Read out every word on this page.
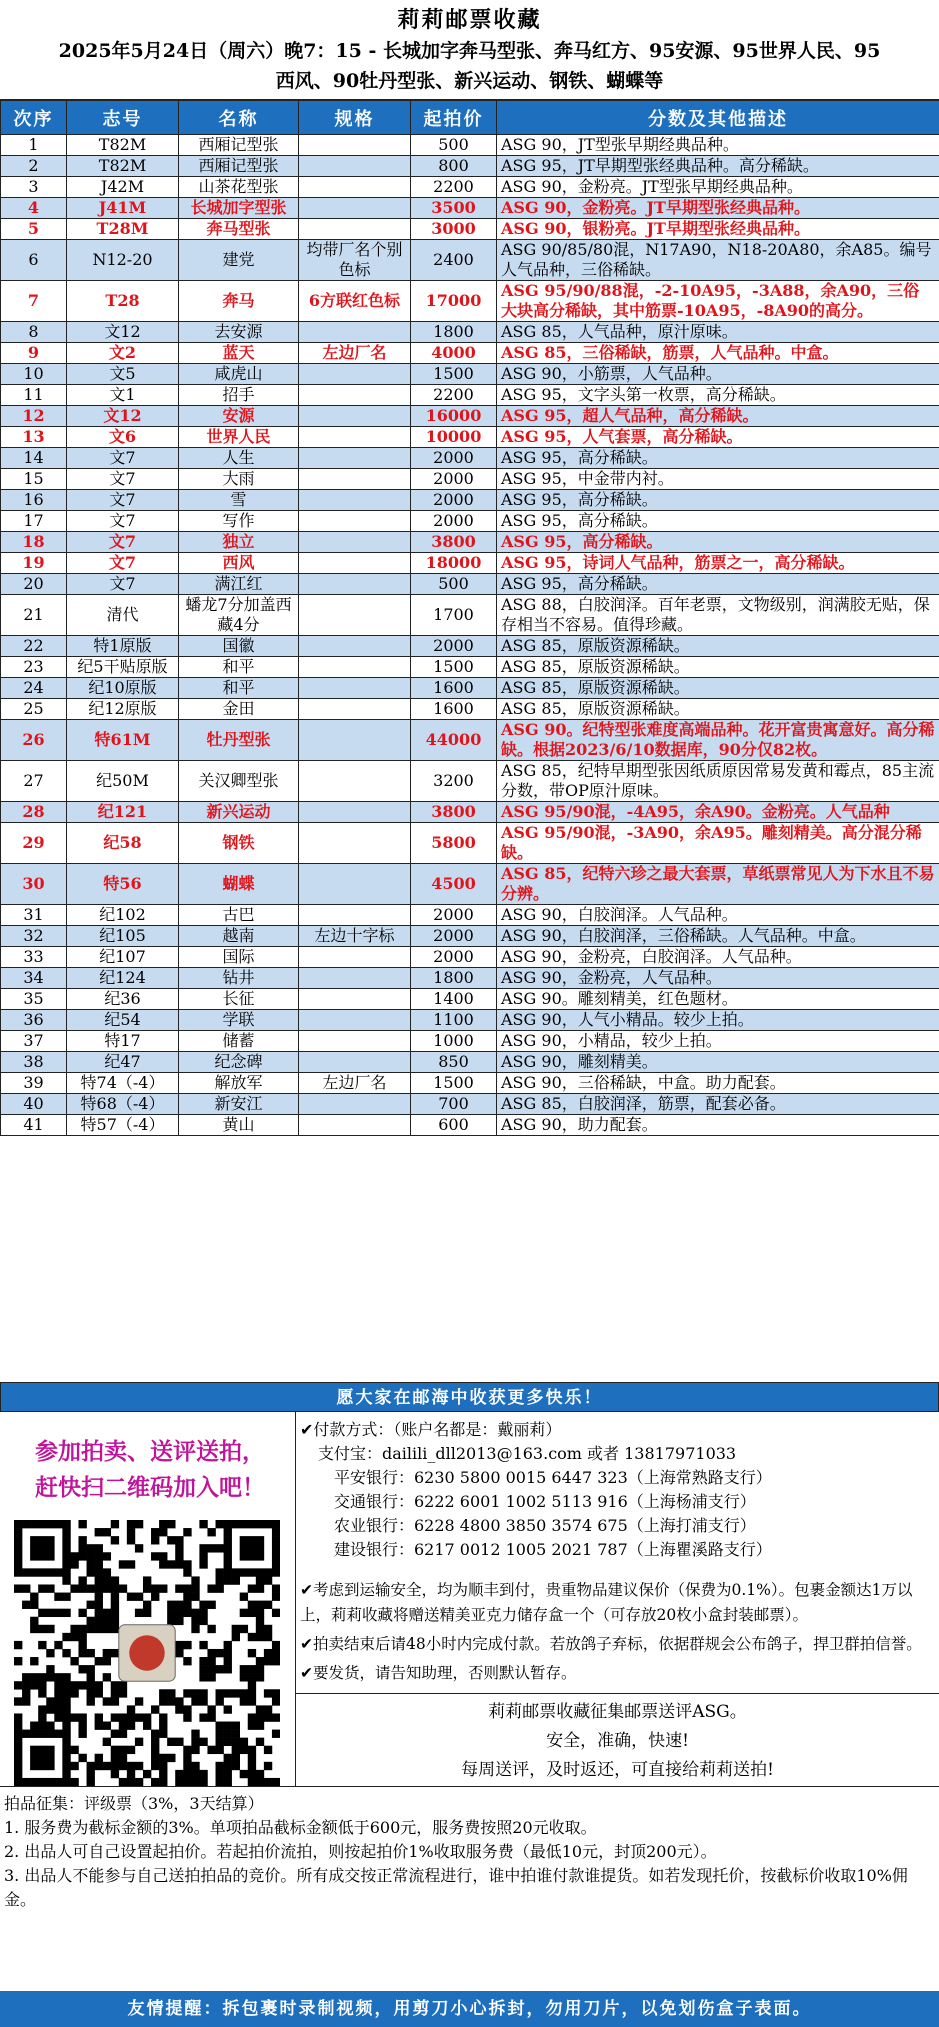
莉莉邮票收藏
2025年5月24日（周六）晚7：15 - 长城加字奔马型张、奔马红方、95安源、95世界人民、95
西风、90牡丹型张、新兴运动、钢铁、蝴蝶等
次序	志号	名称	规格	起拍价	分数及其他描述
1	T82M	西厢记型张		500	ASG 90，JT型张早期经典品种。
2	T82M	西厢记型张		800	ASG 95，JT早期型张经典品种。高分稀缺。
3	J42M	山茶花型张		2200	ASG 90，金粉亮。JT型张早期经典品种。
4	J41M	长城加字型张		3500	ASG 90，金粉亮。JT早期型张经典品种。
5	T28M	奔马型张		3000	ASG 90，银粉亮。JT早期型张经典品种。
6	N12-20	建党	均带厂名个别色标	2400	ASG 90/85/80混，N17A90，N18-20A80，余A85。编号人气品种，三俗稀缺。
7	T28	奔马	6方联红色标	17000	ASG 95/90/88混，-2-10A95，-3A88，余A90，三俗大块高分稀缺，其中筋票-10A95，-8A90的高分。
8	文12	去安源		1800	ASG 85，人气品种，原汁原味。
9	文2	蓝天	左边厂名	4000	ASG 85，三俗稀缺，筋票，人气品种。中盒。
10	文5	咸虎山		1500	ASG 90，小筋票，人气品种。
11	文1	招手		2200	ASG 95，文字头第一枚票，高分稀缺。
12	文12	安源		16000	ASG 95，超人气品种，高分稀缺。
13	文6	世界人民		10000	ASG 95，人气套票，高分稀缺。
14	文7	人生		2000	ASG 95，高分稀缺。
15	文7	大雨		2000	ASG 95，中金带内衬。
16	文7	雪		2000	ASG 95，高分稀缺。
17	文7	写作		2000	ASG 95，高分稀缺。
18	文7	独立		3800	ASG 95，高分稀缺。
19	文7	西风		18000	ASG 95，诗词人气品种，筋票之一，高分稀缺。
20	文7	满江红		500	ASG 95，高分稀缺。
21	清代	蟠龙7分加盖西藏4分		1700	ASG 88，白胶润泽。百年老票，文物级别，润满胶无贴，保存相当不容易。值得珍藏。
22	特1原版	国徽		2000	ASG 85，原版资源稀缺。
23	纪5干贴原版	和平		1500	ASG 85，原版资源稀缺。
24	纪10原版	和平		1600	ASG 85，原版资源稀缺。
25	纪12原版	金田		1600	ASG 85，原版资源稀缺。
26	特61M	牡丹型张		44000	ASG 90。纪特型张难度高端品种。花开富贵寓意好。高分稀缺。根据2023/6/10数据库，90分仅82枚。
27	纪50M	关汉卿型张		3200	ASG 85，纪特早期型张因纸质原因常易发黄和霉点，85主流分数，带OP原汁原味。
28	纪121	新兴运动		3800	ASG 95/90混，-4A95，余A90。金粉亮。人气品种
29	纪58	钢铁		5800	ASG 95/90混，-3A90，余A95。雕刻精美。高分混分稀缺。
30	特56	蝴蝶		4500	ASG 85，纪特六珍之最大套票，草纸票常见人为下水且不易分辨。
31	纪102	古巴		2000	ASG 90，白胶润泽。人气品种。
32	纪105	越南	左边十字标	2000	ASG 90，白胶润泽，三俗稀缺。人气品种。中盒。
33	纪107	国际		2000	ASG 90，金粉亮，白胶润泽。人气品种。
34	纪124	钻井		1800	ASG 90，金粉亮，人气品种。
35	纪36	长征		1400	ASG 90。雕刻精美，红色题材。
36	纪54	学联		1100	ASG 90，人气小精品。较少上拍。
37	特17	储蓄		1000	ASG 90，小精品，较少上拍。
38	纪47	纪念碑		850	ASG 90，雕刻精美。
39	特74（-4）	解放军	左边厂名	1500	ASG 90，三俗稀缺，中盒。助力配套。
40	特68（-4）	新安江		700	ASG 85，白胶润泽，筋票，配套必备。
41	特57（-4）	黄山		600	ASG 90，助力配套。
愿大家在邮海中收获更多快乐！
参加拍卖、送评送拍，
赶快扫二维码加入吧！
✔付款方式：（账户名都是：戴丽莉）
支付宝：dailili_dll2013@163.com 或者 13817971033
平安银行：6230 5800 0015 6447 323（上海常熟路支行）
交通银行：6222 6001 1002 5113 916（上海杨浦支行）
农业银行：6228 4800 3850 3574 675（上海打浦支行）
建设银行：6217 0012 1005 2021 787（上海瞿溪路支行）
✔考虑到运输安全，均为顺丰到付，贵重物品建议保价（保费为0.1%）。包裹金额达1万以上，莉莉收藏将赠送精美亚克力储存盒一个（可存放20枚小盒封装邮票）。
✔拍卖结束后请48小时内完成付款。若放鸽子弃标，依据群规会公布鸽子，捍卫群拍信誉。
✔要发货，请告知助理，否则默认暂存。
莉莉邮票收藏征集邮票送评ASG。
安全，准确，快速!
每周送评，及时返还，可直接给莉莉送拍!
拍品征集：评级票（3%，3天结算）
1. 服务费为截标金额的3%。单项拍品截标金额低于600元，服务费按照20元收取。
2. 出品人可自己设置起拍价。若起拍价流拍，则按起拍价1%收取服务费（最低10元，封顶200元）。
3. 出品人不能参与自己送拍拍品的竞价。所有成交按正常流程进行，谁中拍谁付款谁提货。如若发现托价，按截标价收取10%佣金。
友情提醒：拆包裹时录制视频，用剪刀小心拆封，勿用刀片，以免划伤盒子表面。
